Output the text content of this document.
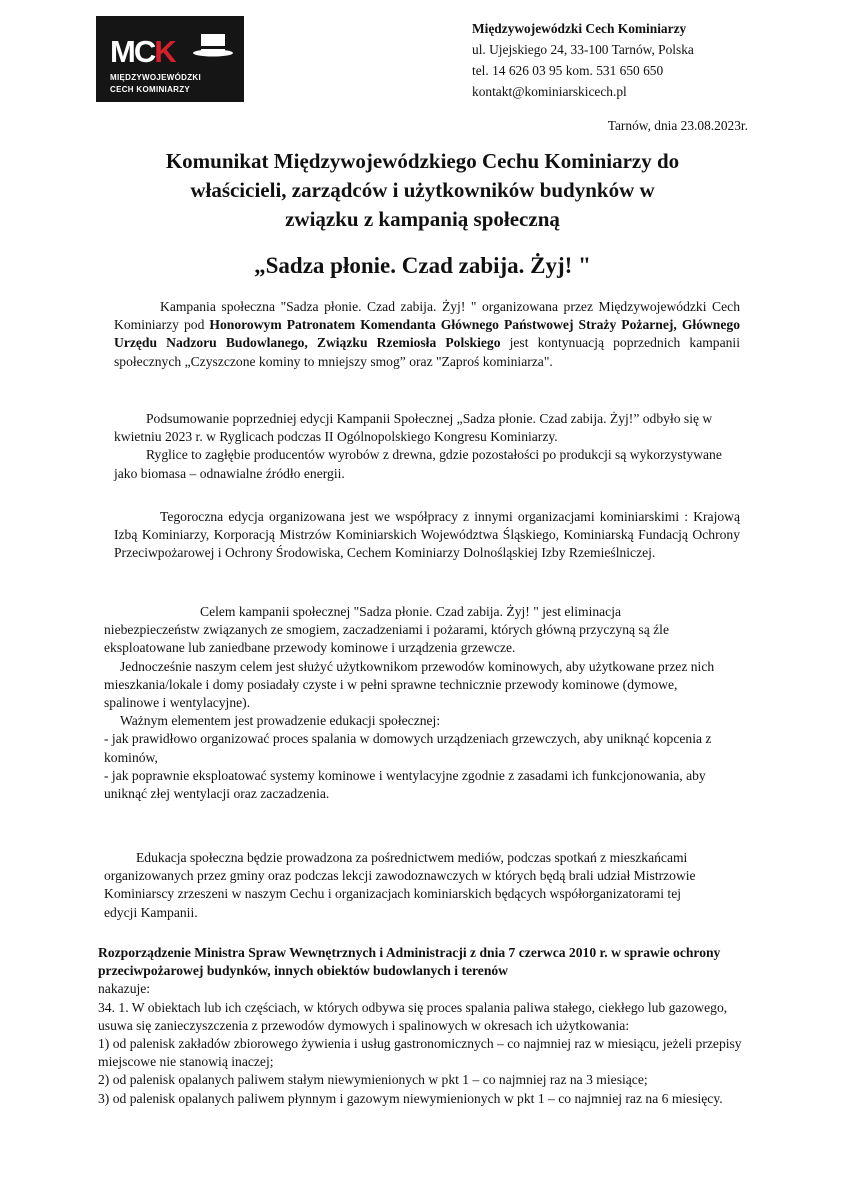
MCK
MIĘDZYWOJEWÓDZKI
CECH KOMINIARZY
Międzywojewódzki Cech Kominiarzy
ul. Ujejskiego 24, 33-100 Tarnów, Polska
tel. 14 626 03 95 kom. 531 650 650
kontakt@kominiarskicech.pl
Tarnów, dnia 23.08.2023r.
Komunikat Międzywojewódzkiego Cechu Kominiarzy do
właścicieli, zarządców i użytkowników budynków w
związku z kampanią społeczną
„Sadza płonie. Czad zabija. Żyj! "

Kampania społeczna "Sadza płonie. Czad zabija. Żyj! " organizowana przez Międzywojewódzki Cech Kominiarzy pod Honorowym Patronatem Komendanta Głównego Państwowej Straży Pożarnej, Głównego Urzędu Nadzoru Budowlanego, Związku Rzemiosła Polskiego jest kontynuacją poprzednich kampanii społecznych „Czyszczone kominy to mniejszy smog” oraz "Zaproś kominiarza".

Podsumowanie poprzedniej edycji Kampanii Społecznej „Sadza płonie. Czad zabija. Żyj!” odbyło się w kwietniu 2023 r. w Ryglicach podczas II Ogólnopolskiego Kongresu Kominiarzy.

Ryglice to zagłębie producentów wyrobów z drewna, gdzie pozostałości po produkcji są wykorzystywane jako biomasa – odnawialne źródło energii.

Tegoroczna edycja organizowana jest we współpracy z innymi organizacjami kominiarskimi : Krajową Izbą Kominiarzy, Korporacją Mistrzów Kominiarskich Województwa Śląskiego, Kominiarską Fundacją Ochrony Przeciwpożarowej i Ochrony Środowiska, Cechem Kominiarzy Dolnośląskiej Izby Rzemieślniczej.

Celem kampanii społecznej "Sadza płonie. Czad zabija. Żyj! " jest eliminacja niebezpieczeństw związanych ze smogiem, zaczadzeniami i pożarami, których główną przyczyną są źle eksploatowane lub zaniedbane przewody kominowe i urządzenia grzewcze.

Jednocześnie naszym celem jest służyć użytkownikom przewodów kominowych, aby użytkowane przez nich mieszkania/lokale i domy posiadały czyste i w pełni sprawne technicznie przewody kominowe (dymowe, spalinowe i wentylacyjne).

Ważnym elementem jest prowadzenie edukacji społecznej:

- jak prawidłowo organizować proces spalania w domowych urządzeniach grzewczych, aby uniknąć kopcenia z kominów,

- jak poprawnie eksploatować systemy kominowe i wentylacyjne zgodnie z zasadami ich funkcjonowania, aby uniknąć złej wentylacji oraz zaczadzenia.

Edukacja społeczna będzie prowadzona za pośrednictwem mediów, podczas spotkań z mieszkańcami organizowanych przez gminy oraz podczas lekcji zawodoznawczych w których będą brali udział Mistrzowie Kominiarscy zrzeszeni w naszym Cechu i organizacjach kominiarskich będących współorganizatorami tej edycji Kampanii.

Rozporządzenie Ministra Spraw Wewnętrznych i Administracji z dnia 7 czerwca 2010 r. w sprawie ochrony przeciwpożarowej budynków, innych obiektów budowlanych i terenów

nakazuje:

34. 1. W obiektach lub ich częściach, w których odbywa się proces spalania paliwa stałego, ciekłego lub gazowego, usuwa się zanieczyszczenia z przewodów dymowych i spalinowych w okresach ich użytkowania:

1) od palenisk zakładów zbiorowego żywienia i usług gastronomicznych – co najmniej raz w miesiącu, jeżeli przepisy miejscowe nie stanowią inaczej;

2) od palenisk opalanych paliwem stałym niewymienionych w pkt 1 – co najmniej raz na 3 miesiące;

3) od palenisk opalanych paliwem płynnym i gazowym niewymienionych w pkt 1 – co najmniej raz na 6 miesięcy.
